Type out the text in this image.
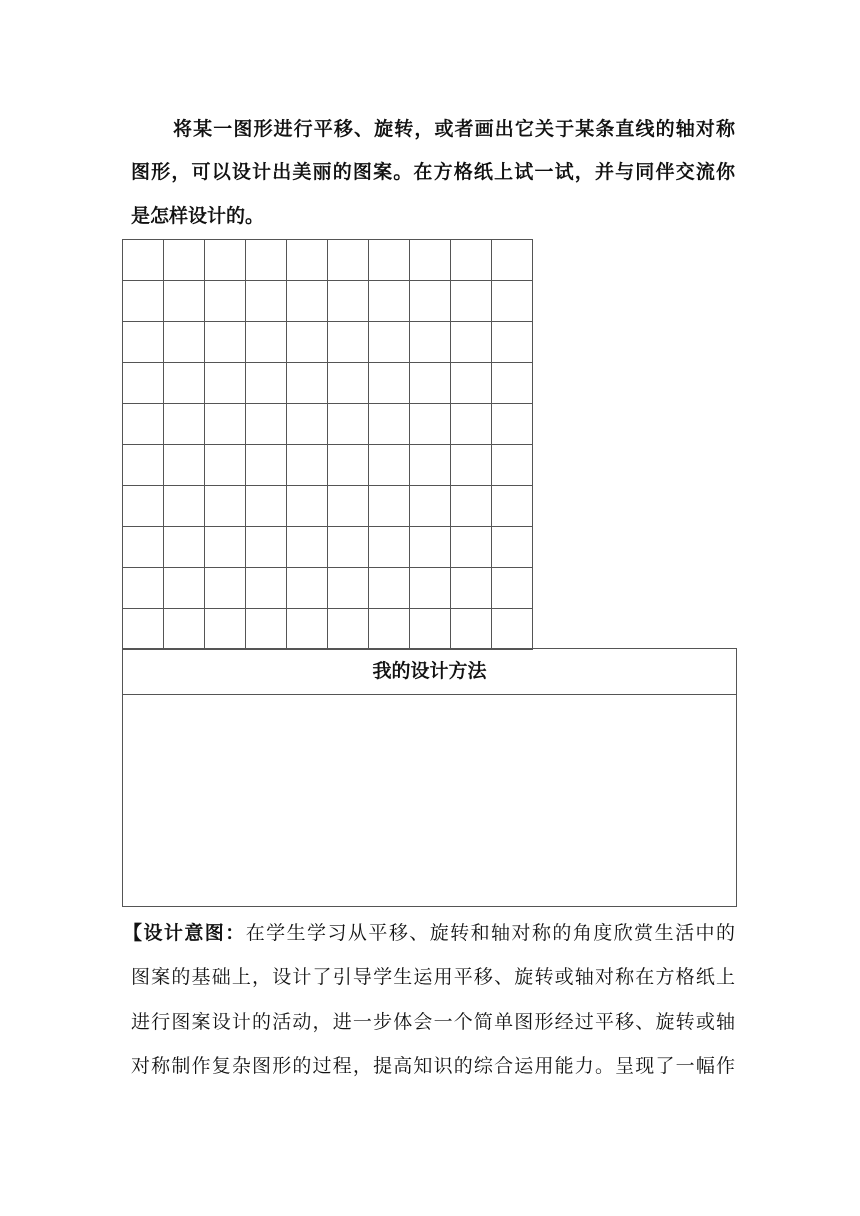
将某一图形进行平移、旋转，或者画出它关于某条直线的轴对称
图形，可以设计出美丽的图案。在方格纸上试一试，并与同伴交流你
是怎样设计的。
我的设计方法
【设计意图：在学生学习从平移、旋转和轴对称的角度欣赏生活中的
图案的基础上，设计了引导学生运用平移、旋转或轴对称在方格纸上
进行图案设计的活动，进一步体会一个简单图形经过平移、旋转或轴
对称制作复杂图形的过程，提高知识的综合运用能力。呈现了一幅作
